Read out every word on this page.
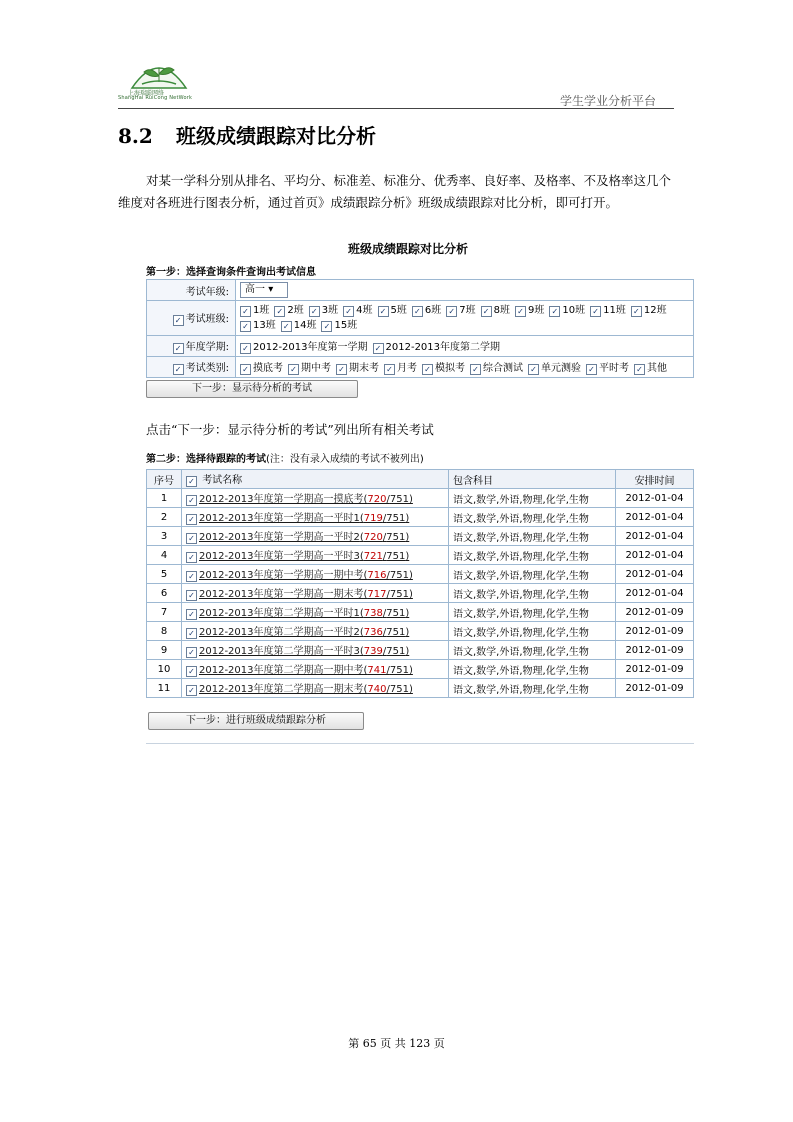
上海瑞聪网络
ShangHai RuiCong NetWork	学生学业分析平台
8.2 班级成绩跟踪对比分析
对某一学科分别从排名、平均分、标准差、标准分、优秀率、良好率、及格率、不及格率这几个维度对各班进行图表分析，通过首页》成绩跟踪分析》班级成绩跟踪对比分析，即可打开。
班级成绩跟踪对比分析
第一步：选择查询条件查询出考试信息
考试年级:	高一 ▾
✓ 考试班级:	✓ 1班 ✓ 2班 ✓ 3班 ✓ 4班 ✓ 5班 ✓ 6班 ✓ 7班 ✓ 8班 ✓ 9班 ✓ 10班 ✓ 11班 ✓ 12班✓ 13班 ✓ 14班 ✓ 15班
✓ 年度学期:	✓ 2012-2013年度第一学期 ✓ 2012-2013年度第二学期
✓ 考试类别:	✓ 摸底考 ✓ 期中考 ✓ 期末考 ✓ 月考 ✓ 模拟考 ✓ 综合测试 ✓ 单元测验 ✓ 平时考 ✓ 其他
下一步：显示待分析的考试
点击“下一步：显示待分析的考试”列出所有相关考试
第二步：选择待跟踪的考试(注：没有录入成绩的考试不被列出)
序号	✓ 考试名称	包含科目	安排时间
1	✓ 2012-2013年度第一学期高一摸底考(720/751)	语文,数学,外语,物理,化学,生物	2012-01-04
2	✓ 2012-2013年度第一学期高一平时1(719/751)	语文,数学,外语,物理,化学,生物	2012-01-04
3	✓ 2012-2013年度第一学期高一平时2(720/751)	语文,数学,外语,物理,化学,生物	2012-01-04
4	✓ 2012-2013年度第一学期高一平时3(721/751)	语文,数学,外语,物理,化学,生物	2012-01-04
5	✓ 2012-2013年度第一学期高一期中考(716/751)	语文,数学,外语,物理,化学,生物	2012-01-04
6	✓ 2012-2013年度第一学期高一期末考(717/751)	语文,数学,外语,物理,化学,生物	2012-01-04
7	✓ 2012-2013年度第二学期高一平时1(738/751)	语文,数学,外语,物理,化学,生物	2012-01-09
8	✓ 2012-2013年度第二学期高一平时2(736/751)	语文,数学,外语,物理,化学,生物	2012-01-09
9	✓ 2012-2013年度第二学期高一平时3(739/751)	语文,数学,外语,物理,化学,生物	2012-01-09
10	✓ 2012-2013年度第二学期高一期中考(741/751)	语文,数学,外语,物理,化学,生物	2012-01-09
11	✓ 2012-2013年度第二学期高一期末考(740/751)	语文,数学,外语,物理,化学,生物	2012-01-09
下一步：进行班级成绩跟踪分析
第 65 页 共 123 页
